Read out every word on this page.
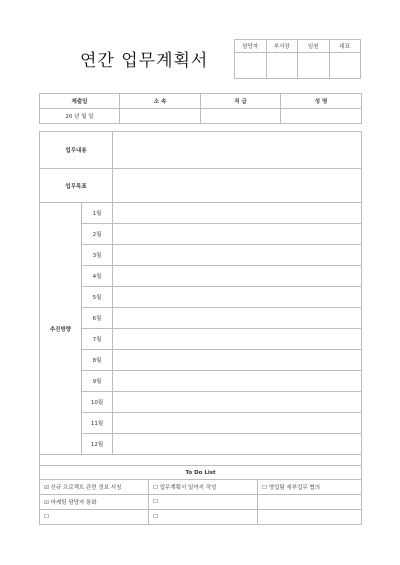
연간 업무계획서
담당자	부서장	임원	대표

제출일	소 속	직 급	성 명
20 년 월 일			
업무내용				
업무목표				
추진방향	1월			
	2월			
	3월			
	4월			
	5월			
	6월			
	7월			
	8월			
	9월			
	10월			
	11월			
	12월			

To Do List				
☑ 신규 프로젝트 관련 정보 서칭			☐ 업무계획서 일까지 작성	☐ 영업팀 세부업무 협의
☑ 마케팅 담당자 통화			☐	
☐			☐	
